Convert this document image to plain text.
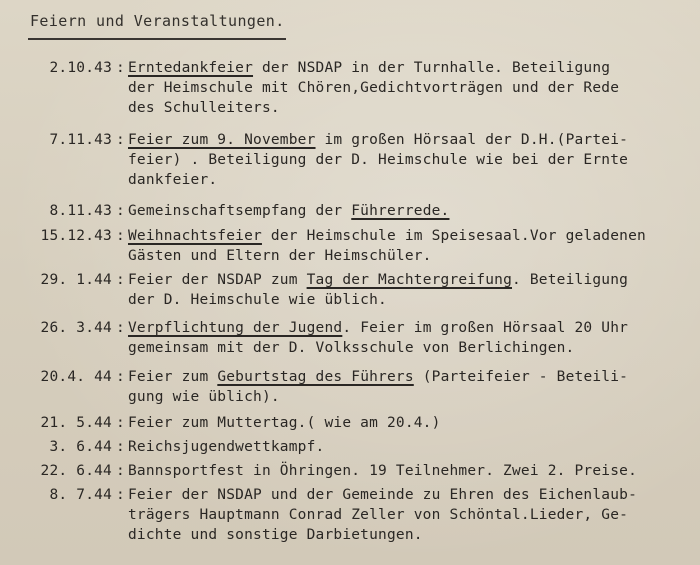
Feiern und Veranstaltungen.
2.10.43 : Erntedankfeier der NSDAP in der Turnhalle. Beteiligung
der Heimschule mit Chören,Gedichtvorträgen und der Rede
des Schulleiters.
7.11.43 : Feier zum 9. November im großen Hörsaal der D.H.(Partei-
feier) . Beteiligung der D. Heimschule wie bei der Ernte
dankfeier.
8.11.43 : Gemeinschaftsempfang der Führerrede.
15.12.43 : Weihnachtsfeier der Heimschule im Speisesaal.Vor geladenen
Gästen und Eltern der Heimschüler.
29. 1.44 : Feier der NSDAP zum Tag der Machtergreifung. Beteiligung
der D. Heimschule wie üblich.
26. 3.44 : Verpflichtung der Jugend. Feier im großen Hörsaal 20 Uhr
gemeinsam mit der D. Volksschule von Berlichingen.
20.4. 44 : Feier zum Geburtstag des Führers (Parteifeier - Beteili-
gung wie üblich).
21. 5.44 : Feier zum Muttertag.( wie am 20.4.)
3. 6.44 : Reichsjugendwettkampf.
22. 6.44 : Bannsportfest in Öhringen. 19 Teilnehmer. Zwei 2. Preise.
8. 7.44 : Feier der NSDAP und der Gemeinde zu Ehren des Eichenlaub-
trägers Hauptmann Conrad Zeller von Schöntal.Lieder, Ge-
dichte und sonstige Darbietungen.
